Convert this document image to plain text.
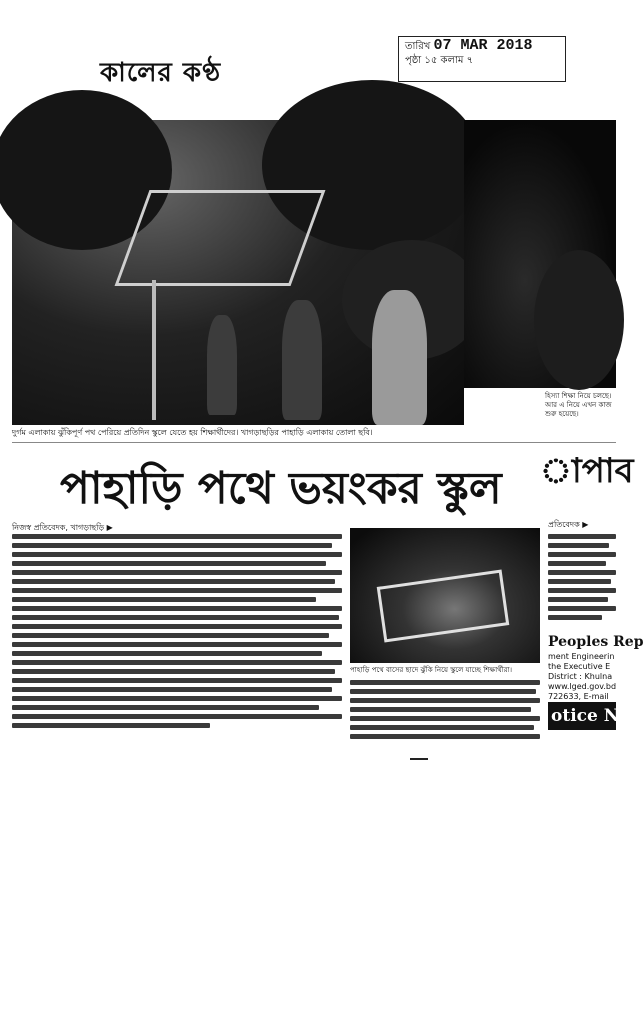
কালের কণ্ঠ
তারিখ 07 MAR 2018
পৃষ্ঠা ১৫ কলাম ৭
দুর্গম এলাকায় ঝুঁকিপূর্ণ পথ পেরিয়ে প্রতিদিন স্কুলে যেতে হয় শিক্ষার্থীদের। খাগড়াছড়ির পাহাড়ি এলাকায় তোলা ছবি।
হিস্যা শিক্ষা নিয়ে চলছে। আর এ নিয়ে এখন কাজ শুরু হয়েছে।
পাহাড়ি পথে ভয়ংকর স্কুল াপাব
নিজস্ব প্রতিবেদক, খাগড়াছড়ি ▶
পাহাড়ি পথে বাসের ছাদে ঝুঁকি নিয়ে স্কুলে যাচ্ছে শিক্ষার্থীরা।
প্রতিবেদক ▶
Peoples Rep
ment Engineerin
the Executive E
District : Khulna
www.lged.gov.bd
722633, E-mail
otice No
